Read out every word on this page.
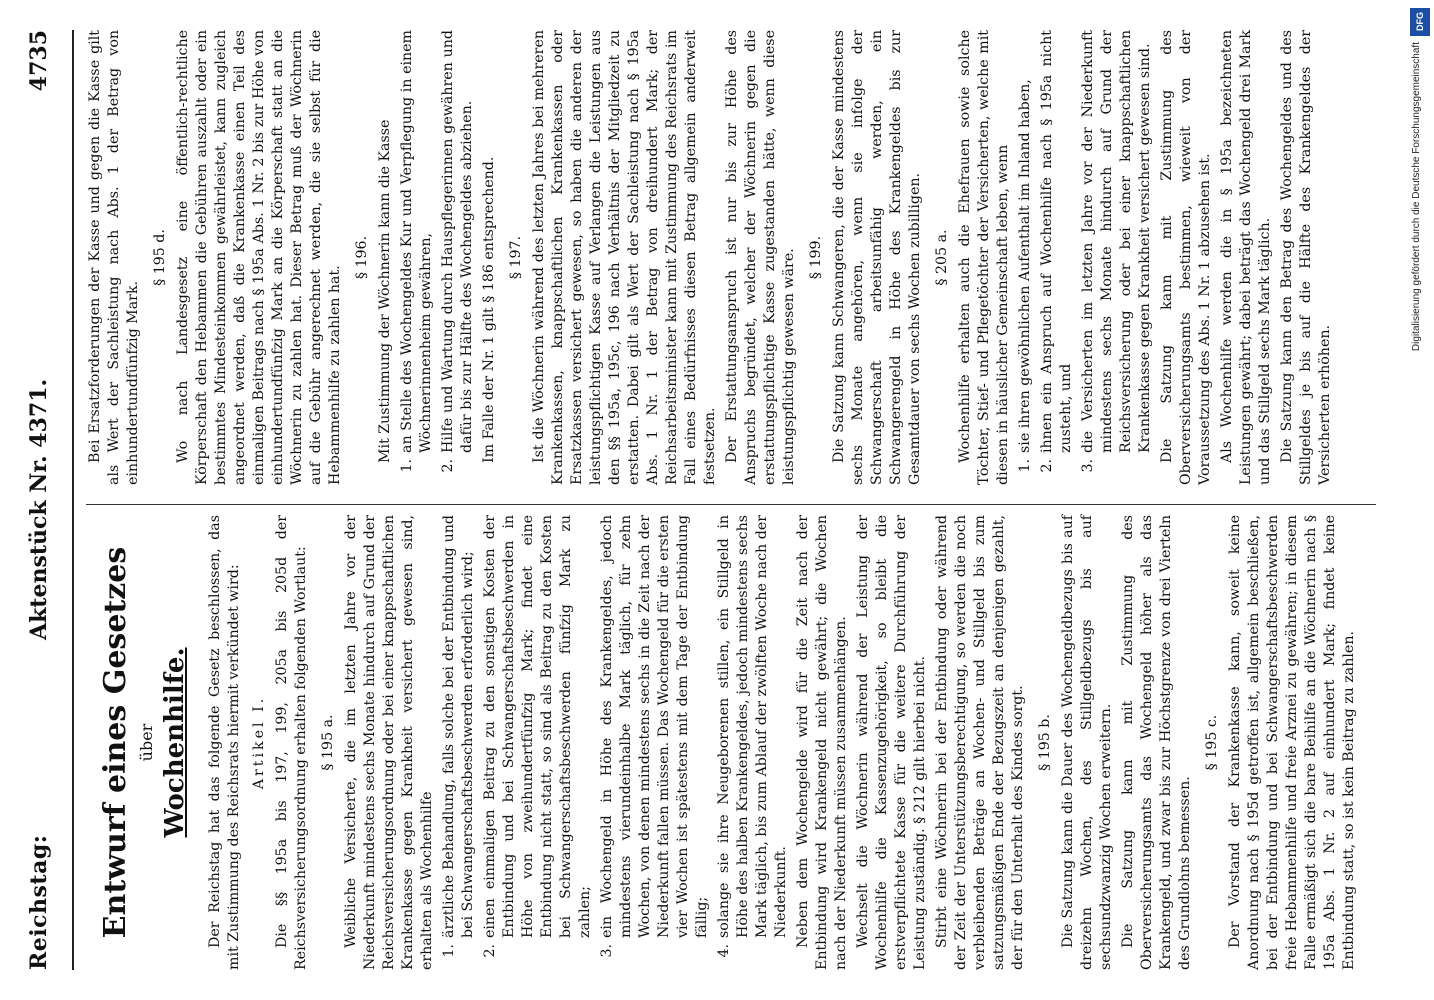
Reichstag:
Aktenstück Nr. 4371.
4735
Entwurf eines Gesetzes über Wochenhilfe. Der Reichstag hat das folgende Gesetz beschlossen, das mit Zustimmung des Reichsrats hiermit verkündet wird: Artikel I. Die §§ 195a bis 197, 199, 205a bis 205d der Reichsversicherungsordnung erhalten folgenden Wortlaut: § 195 a. Weibliche Versicherte, die im letzten Jahre vor der Niederkunft mindestens sechs Monate hindurch auf Grund der Reichsversicherungsordnung oder bei einer knappschaftlichen Krankenkasse gegen Krankheit versichert gewesen sind, erhalten als Wochenhilfe 1.
ärztliche Behandlung, falls solche bei der Entbindung und bei Schwangerschaftsbeschwerden erforderlich wird;
2.
einen einmaligen Beitrag zu den sonstigen Kosten der Entbindung und bei Schwangerschaftsbeschwerden in Höhe von zweihundertfünfzig Mark; findet eine Entbindung nicht statt, so sind als Beitrag zu den Kosten bei Schwangerschaftsbeschwerden fünfzig Mark zu zahlen;
3.
ein Wochengeld in Höhe des Krankengeldes, jedoch mindestens vierundeinhalbe Mark täglich, für zehn Wochen, von denen mindestens sechs in die Zeit nach der Niederkunft fallen müssen. Das Wochengeld für die ersten vier Wochen ist spätestens mit dem Tage der Entbindung fällig;
4.
solange sie ihre Neugeborenen stillen, ein Stillgeld in Höhe des halben Krankengeldes, jedoch mindestens sechs Mark täglich, bis zum Ablauf der zwölften Woche nach der Niederkunft. Neben dem Wochengelde wird für die Zeit nach der Entbindung wird Krankengeld nicht gewährt; die Wochen nach der Niederkunft müssen zusammenhängen. Wechselt die Wöchnerin während der Leistung der Wochenhilfe die Kassenzugehörigkeit, so bleibt die erstverpflichtete Kasse für die weitere Durchführung der Leistung zuständig. § 212 gilt hierbei nicht. Stirbt eine Wöchnerin bei der Entbindung oder während der Zeit der Unterstützungsberechtigung, so werden die noch verbleibenden Beträge an Wochen- und Stillgeld bis zum satzungsmäßigen Ende der Bezugszeit an denjenigen gezahlt, der für den Unterhalt des Kindes sorgt. § 195 b. Die Satzung kann die Dauer des Wochengeldbezugs bis auf dreizehn Wochen, des Stillgeldbezugs bis auf sechsundzwanzig Wochen erweitern. Die Satzung kann mit Zustimmung des Oberversicherungsamts das Wochengeld höher als das Krankengeld, und zwar bis zur Höchstgrenze von drei Vierteln des Grundlohns bemessen.

§ 195 c. Der Vorstand der Krankenkasse kann, soweit keine Anordnung nach § 195d getroffen ist, allgemein beschließen, bei der Entbindung und bei Schwangerschaftsbeschwerden freie Hebammenhilfe und freie Arznei zu gewähren; in diesem Falle ermäßigt sich die bare Beihilfe an die Wöchnerin nach § 195a Abs. 1 Nr. 2 auf einhundert Mark; findet keine Entbindung statt, so ist kein Beitrag zu zahlen.

Bei Ersatzforderungen der Kasse und gegen die Kasse gilt als Wert der Sachleistung nach Abs. 1 der Betrag von einhundertundfünfzig Mark.

§ 195 d. Wo nach Landesgesetz eine öffentlich-rechtliche Körperschaft den Hebammen die Gebühren auszahlt oder ein bestimmtes Mindesteinkommen gewährleistet, kann zugleich angeordnet werden, daß die Krankenkasse einen Teil des einmaligen Beitrags nach § 195a Abs. 1 Nr. 2 bis zur Höhe von einhundertundfünfzig Mark an die Körperschaft statt an die Wöchnerin zu zahlen hat. Dieser Betrag muß der Wöchnerin auf die Gebühr angerechnet werden, die sie selbst für die Hebammenhilfe zu zahlen hat.

§ 196. Mit Zustimmung der Wöchnerin kann die Kasse

1.
an Stelle des Wochengeldes Kur und Verpflegung in einem Wöchnerinnenheim gewähren,
2.
Hilfe und Wartung durch Hauspflegerinnen gewähren und dafür bis zur Hälfte des Wochengeldes abziehen. Im Falle der Nr. 1 gilt § 186 entsprechend. § 197. Ist die Wöchnerin während des letzten Jahres bei mehreren Krankenkassen, knappschaftlichen Krankenkassen oder Ersatzkassen versichert gewesen, so haben die anderen der leistungspflichtigen Kasse auf Verlangen die Leistungen aus den §§ 195a, 195c, 196 nach Verhältnis der Mitgliedzeit zu erstatten. Dabei gilt als Wert der Sachleistung nach § 195a Abs. 1 Nr. 1 der Betrag von dreihundert Mark; der Reichsarbeitsminister kann mit Zustimmung des Reichsrats im Fall eines Bedürfnisses diesen Betrag allgemein anderweit festsetzen. Der Erstattungsanspruch ist nur bis zur Höhe des Anspruchs begründet, welcher der Wöchnerin gegen die erstattungspflichtige Kasse zugestanden hätte, wenn diese leistungspflichtig gewesen wäre. § 199. Die Satzung kann Schwangeren, die der Kasse mindestens sechs Monate angehören, wenn sie infolge der Schwangerschaft arbeitsunfähig werden, ein Schwangerengeld in Höhe des Krankengeldes bis zur Gesamtdauer von sechs Wochen zubilligen. § 205 a. Wochenhilfe erhalten auch die Ehefrauen sowie solche Töchter, Stief- und Pflegetöchter der Versicherten, welche mit diesen in häuslicher Gemeinschaft leben, wenn 1.
sie ihren gewöhnlichen Aufenthalt im Inland haben,
2.
ihnen ein Anspruch auf Wochenhilfe nach § 195a nicht zusteht, und
3.
die Versicherten im letzten Jahre vor der Niederkunft mindestens sechs Monate hindurch auf Grund der Reichsversicherung oder bei einer knappschaftlichen Krankenkasse gegen Krankheit versichert gewesen sind. Die Satzung kann mit Zustimmung des Oberversicherungsamts bestimmen, wieweit von der Voraussetzung des Abs. 1 Nr. 1 abzusehen ist. Als Wochenhilfe werden die in § 195a bezeichneten Leistungen gewährt; dabei beträgt das Wochengeld drei Mark und das Stillgeld sechs Mark täglich. Die Satzung kann den Betrag des Wochengeldes und des Stillgeldes je bis auf die Hälfte des Krankengeldes der Versicherten erhöhen.

DFG
Digitalisierung gefördert durch die Deutsche Forschungsgemeinschaft
